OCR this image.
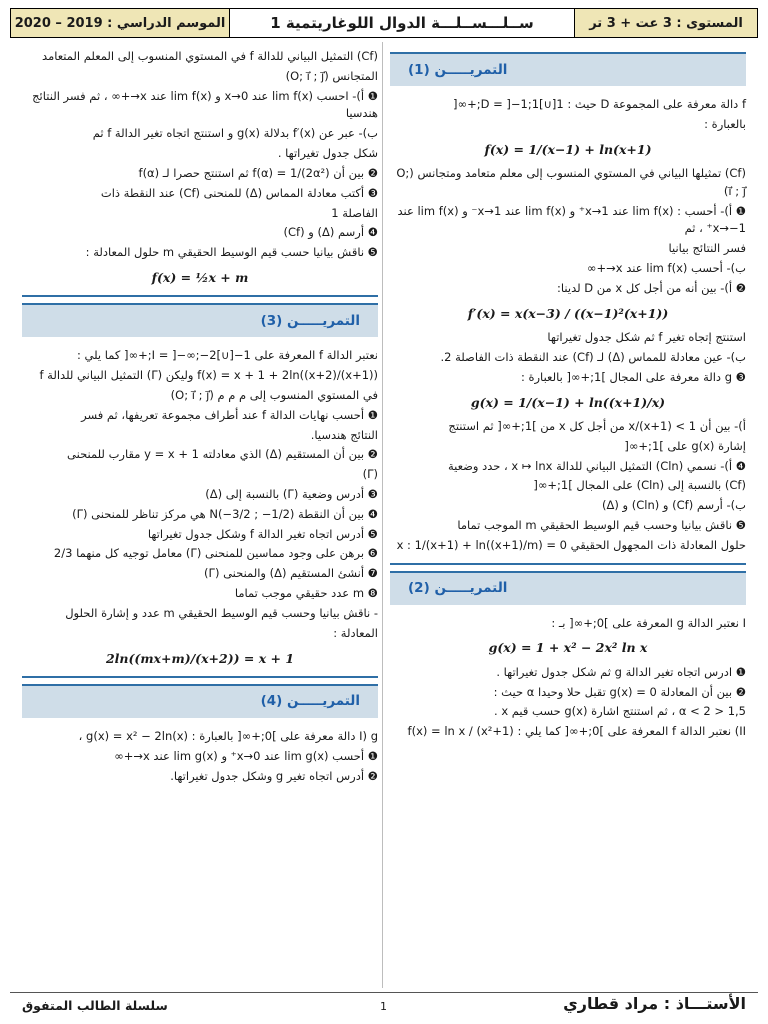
الموسم الدراسي : 2019 – 2020	ســلـــســلـــة الدوال اللوغاريتمية 1	المستوى : 3 عت + 3 تر
التمريـــــن (1)
f دالة معرفة على المجموعة D حيث : D = ]−1;1[∪]1;+∞[
بالعبارة :
f(x) = 1/(x−1) + ln(x+1)
(Cf) تمثيلها البياني في المستوي المنسوب إلى معلم متعامد ومتجانس (O; i⃗ ; j⃗)
❶ أ)- أحسب : lim f(x) عند x→1⁺ و lim f(x) عند x→1⁻ و lim f(x) عند x→−1⁺ ، ثم
فسر النتائج بيانيا
ب)- أحسب lim f(x) عند x→+∞
❷ أ)- بين أنه من أجل كل x من D لدينا:
f′(x) = x(x−3) / ((x−1)²(x+1))
استنتج إتجاه تغير f ثم شكل جدول تغيراتها
ب)- عين معادلة للمماس (Δ) لـ (Cf) عند النقطة ذات الفاصلة 2.
❸ g دالة معرفة على المجال ]1;+∞[ بالعبارة :
g(x) = 1/(x−1) + ln((x+1)/x)
أ)- بين أن 1 > (x+1)/x من أجل كل x من ]1;+∞[ ثم استنتج
إشارة g(x) على ]1;+∞[
❹ أ)- نسمي (Cln) التمثيل البياني للدالة x ↦ lnx ، حدد وضعية
(Cf) بالنسبة إلى (Cln) على المجال ]1;+∞[
ب)- أرسم (Cf) و (Cln) و (Δ)
❺ ناقش بيانيا وحسب قيم الوسيط الحقيقي m الموجب تماما
حلول المعادلة ذات المجهول الحقيقي x : 1/(x+1) + ln((x+1)/m) = 0
التمريـــــن (2)
I نعتبر الدالة g المعرفة على ]0;+∞[ بـ :
g(x) = 1 + x² − 2x² ln x
❶ ادرس اتجاه تغير الدالة g ثم شكل جدول تغيراتها .
❷ بين أن المعادلة g(x) = 0 تقبل حلا وحيدا α حيث :
1,5 < α < 2 ، ثم استنتج اشارة g(x) حسب قيم x .
II) نعتبر الدالة f المعرفة على ]0;+∞[ كما يلي : f(x) = ln x / (x²+1)
(Cf) التمثيل البياني للدالة f في المستوي المنسوب إلى المعلم المتعامد
المتجانس (O; i⃗ ; j⃗)
❶ أ)- احسب lim f(x) عند x→0 و lim f(x) عند x→+∞ ، ثم فسر النتائج هندسيا
ب)- عبر عن f′(x) بدلالة g(x) و استنتج اتجاه تغير الدالة f ثم
شكل جدول تغيراتها .
❷ بين أن f(α) = 1/(2α²) ثم استنتج حصرا لـ f(α)
❸ أكتب معادلة المماس (Δ) للمنحنى (Cf) عند النقطة ذات
الفاصلة 1
❹ أرسم (Δ) و (Cf)
❺ ناقش بيانيا حسب قيم الوسيط الحقيقي m حلول المعادلة :
f(x) = ½x + m
التمريـــــن (3)
نعتبر الدالة f المعرفة على I = ]−∞;−2[∪]−1;+∞[ كما يلي :
f(x) = x + 1 + 2ln((x+2)/(x+1)) وليكن (Γ) التمثيل البياني للدالة f
في المستوي المنسوب إلى م م م (O; i⃗ ; j⃗)
❶ أحسب نهايات الدالة f عند أطراف مجموعة تعريفها، ثم فسر
النتائج هندسيا.
❷ بين أن المستقيم (Δ) الذي معادلته y = x + 1 مقارب للمنحنى
(Γ)
❸ أدرس وضعية (Γ) بالنسبة إلى (Δ)
❹ بين أن النقطة N(−3/2 ; −1/2) هي مركز تناظر للمنحنى (Γ)
❺ أدرس اتجاه تغير الدالة f وشكل جدول تغيراتها
❻ برهن على وجود مماسين للمنحنى (Γ) معامل توجيه كل منهما 2/3
❼ أنشئ المستقيم (Δ) والمنحنى (Γ)
❽ m عدد حقيقي موجب تماما
- ناقش بيانيا وحسب قيم الوسيط الحقيقي m عدد و إشارة الحلول
المعادلة :
2ln((mx+m)/(x+2)) = x + 1
التمريـــــن (4)
I) g دالة معرفة على ]0;+∞[ بالعبارة : g(x) = x² − 2ln(x) ،
❶ أحسب lim g(x) عند x→0⁺ و lim g(x) عند x→+∞
❷ أدرس اتجاه تغير g وشكل جدول تغيراتها.
سلسلة الطالب المتفوق	1	الأستـــاذ : مراد قطاري
